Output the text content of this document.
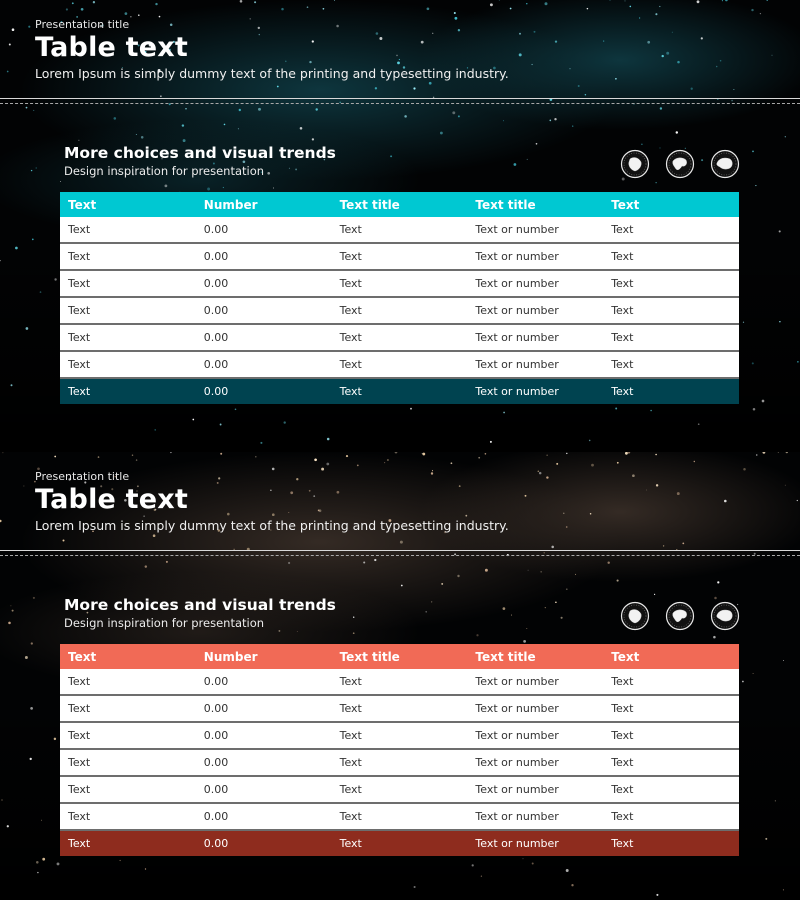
Presentation title
Table text
Lorem Ipsum is simply dummy text of the printing and typesetting industry.
More choices and visual trends
Design inspiration for presentation
Text	Number	Text title	Text title	Text
Text	0.00	Text	Text or number	Text
Text	0.00	Text	Text or number	Text
Text	0.00	Text	Text or number	Text
Text	0.00	Text	Text or number	Text
Text	0.00	Text	Text or number	Text
Text	0.00	Text	Text or number	Text
Text	0.00	Text	Text or number	Text
Presentation title
Table text
Lorem Ipsum is simply dummy text of the printing and typesetting industry.
More choices and visual trends
Design inspiration for presentation
Text	Number	Text title	Text title	Text
Text	0.00	Text	Text or number	Text
Text	0.00	Text	Text or number	Text
Text	0.00	Text	Text or number	Text
Text	0.00	Text	Text or number	Text
Text	0.00	Text	Text or number	Text
Text	0.00	Text	Text or number	Text
Text	0.00	Text	Text or number	Text
